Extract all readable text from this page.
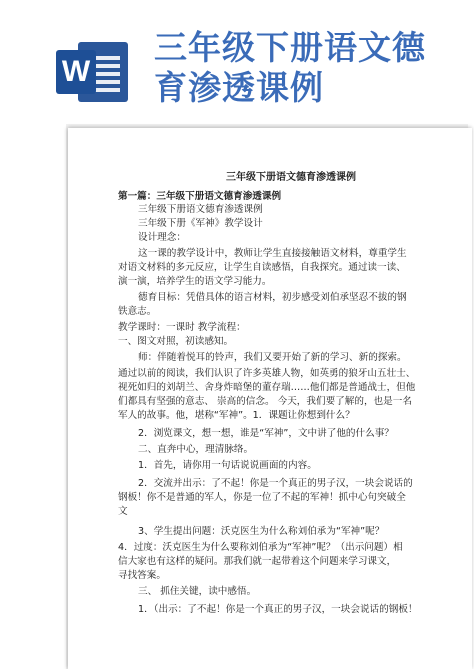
W
三年级下册语文德
育渗透课例
三年级下册语文德育渗透课例
第一篇：三年级下册语文德育渗透课例
三年级下册语文德育渗透课例
三年级下册《军神》教学设计
设计理念：
这一课的教学设计中，教师让学生直接接触语文材料，尊重学生
对语文材料的多元反应，让学生自读感悟，自我探究。通过读一读、
演一演，培养学生的语文学习能力。
德育目标：凭借具体的语言材料，初步感受刘伯承坚忍不拔的钢
铁意志。
教学课时：一课时 教学流程：
一、图文对照，初读感知。
师：伴随着悦耳的铃声，我们又要开始了新的学习、新的探索。
通过以前的阅读，我们认识了许多英雄人物，如英勇的狼牙山五壮士、
视死如归的刘胡兰、舍身炸暗堡的董存瑞……他们都是普通战士，但他
们都具有坚强的意志、 崇高的信念。 今天，我们要了解的，也是一名
军人的故事。他，堪称“军神”。1．课题让你想到什么？
2．浏览课文，想一想，谁是“军神”，文中讲了他的什么事？
二、直奔中心，理清脉络。
1．首先，请你用一句话说说画面的内容。
2．交流并出示：了不起！你是一个真正的男子汉，一块会说话的
钢板！你不是普通的军人，你是一位了不起的军神！抓中心句突破全
文
3、学生提出问题：沃克医生为什么称刘伯承为“军神”呢？
4．过度：沃克医生为什么要称刘伯承为“军神”呢？（出示问题）相
信大家也有这样的疑问。那我们就一起带着这个问题来学习课文，
寻找答案。
三、 抓住关键，读中感悟。
1．（出示：了不起！你是一个真正的男子汉，一块会说话的钢板！
